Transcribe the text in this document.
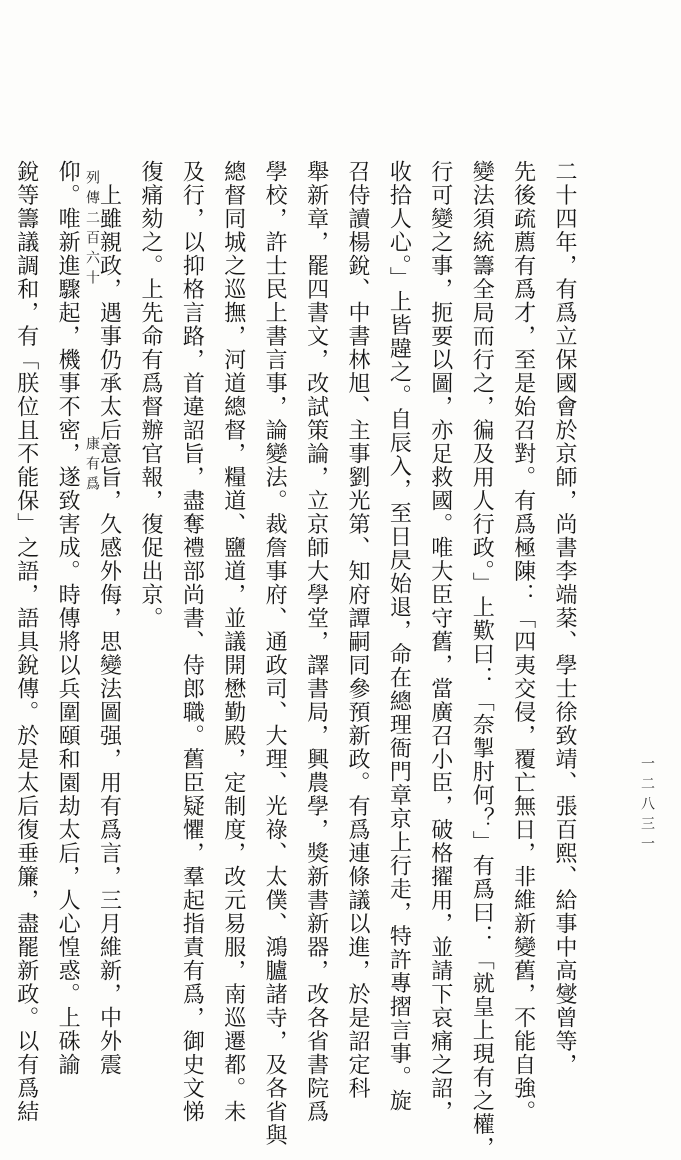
二十四年，有爲立保國會於京師，尚書李端棻、學士徐致靖、張百熙、給事中高燮曾等，
先後疏薦有爲才，至是始召對。有爲極陳：「四夷交侵，覆亡無日，非維新變舊，不能自強。
變法須統籌全局而行之，徧及用人行政。」上歎曰：「奈掣肘何？」有爲曰：「就皇上現有之權，
行可變之事，扼要以圖，亦足救國。唯大臣守舊，當廣召小臣，破格擢用，並請下哀痛之詔，
收拾人心。」上皆韙之。自辰入，至日昃始退，命在總理衙門章京上行走，特許專摺言事。旋
召侍讀楊銳、中書林旭、主事劉光第、知府譚嗣同參預新政。有爲連條議以進，於是詔定科
舉新章，罷四書文，改試策論，立京師大學堂，譯書局，興農學，獎新書新器，改各省書院爲
學校，許士民上書言事，論變法。裁詹事府、通政司、大理、光祿、太僕、鴻臚諸寺，及各省與
總督同城之巡撫，河道總督，糧道、鹽道，並議開懋勤殿，定制度，改元易服，南巡遷都。未
及行，以抑格言路，首違詔旨，盡奪禮部尚書、侍郎職。舊臣疑懼，羣起指責有爲，御史文悌
復痛劾之。上先命有爲督辦官報，復促出京。
　上雖親政，遇事仍承太后意旨，久感外侮，思變法圖强，用有爲言，三月維新，中外震
仰。唯新進驟起，機事不密，遂致害成。時傳將以兵圍頤和園劫太后，人心惶惑。上硃諭
銳等籌議調和，有「朕位且不能保」之語，語具銳傳。於是太后復垂簾，盡罷新政。以有爲結	列傳二百六十
康有爲
一二八三一
